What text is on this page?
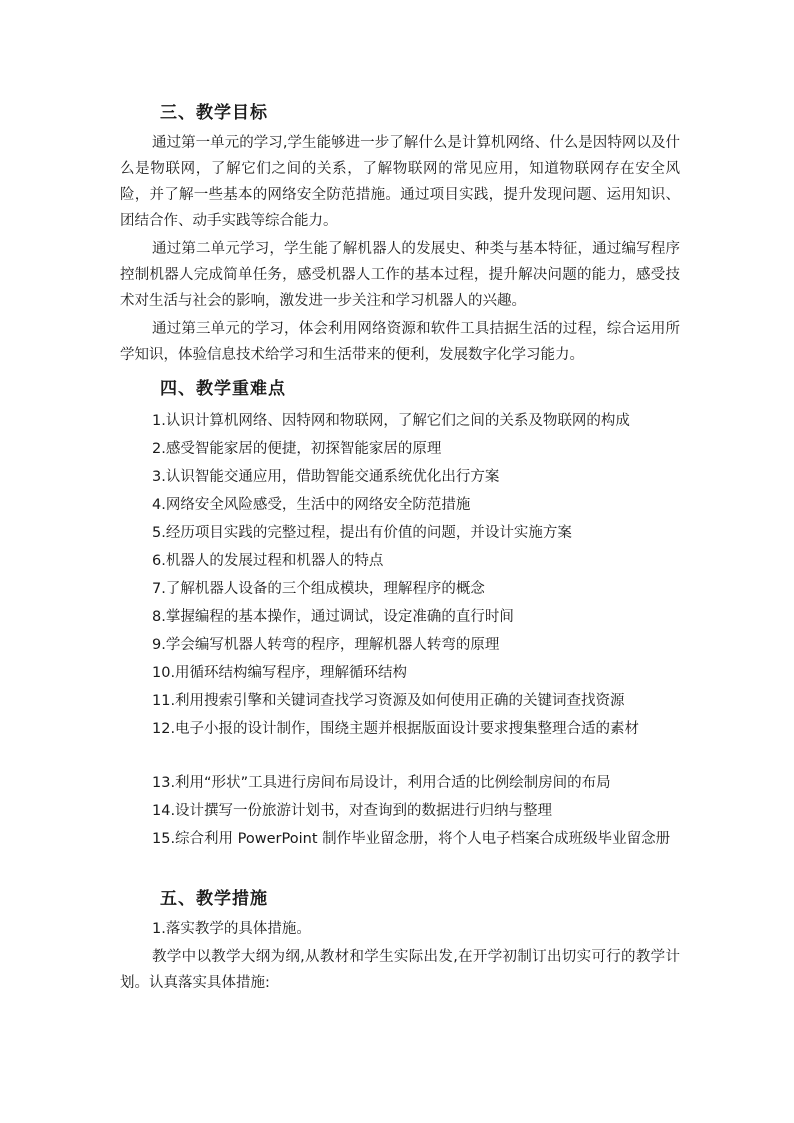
三、教学目标

通过第一单元的学习,学生能够进一步了解什么是计算机网络、什么是因特网以及什么是物联网，了解它们之间的关系，了解物联网的常见应用，知道物联网存在安全风险，并了解一些基本的网络安全防范措施。通过项目实践，提升发现问题、运用知识、团结合作、动手实践等综合能力。

通过第二单元学习，学生能了解机器人的发展史、种类与基本特征，通过编写程序控制机器人完成简单任务，感受机器人工作的基本过程，提升解决问题的能力，感受技术对生活与社会的影响，激发进一步关注和学习机器人的兴趣。

通过第三单元的学习，体会利用网络资源和软件工具拮据生活的过程，综合运用所学知识，体验信息技术给学习和生活带来的便利，发展数字化学习能力。

四、教学重难点
1.认识计算机网络、因特网和物联网，了解它们之间的关系及物联网的构成
2.感受智能家居的便捷，初探智能家居的原理
3.认识智能交通应用，借助智能交通系统优化出行方案
4.网络安全风险感受，生活中的网络安全防范措施
5.经历项目实践的完整过程，提出有价值的问题，并设计实施方案
6.机器人的发展过程和机器人的特点
7.了解机器人设备的三个组成模块，理解程序的概念
8.掌握编程的基本操作，通过调试，设定准确的直行时间
9.学会编写机器人转弯的程序，理解机器人转弯的原理
10.用循环结构编写程序，理解循环结构
11.利用搜索引擎和关键词查找学习资源及如何使用正确的关键词查找资源

12.电子小报的设计制作，围绕主题并根据版面设计要求搜集整理合适的素材

13.利用“形状”工具进行房间布局设计，利用合适的比例绘制房间的布局
14.设计撰写一份旅游计划书，对查询到的数据进行归纳与整理

15.综合利用 PowerPoint 制作毕业留念册，将个人电子档案合成班级毕业留念册

五、教学措施
1.落实教学的具体措施。

教学中以教学大纲为纲,从教材和学生实际出发,在开学初制订出切实可行的教学计划。认真落实具体措施:
